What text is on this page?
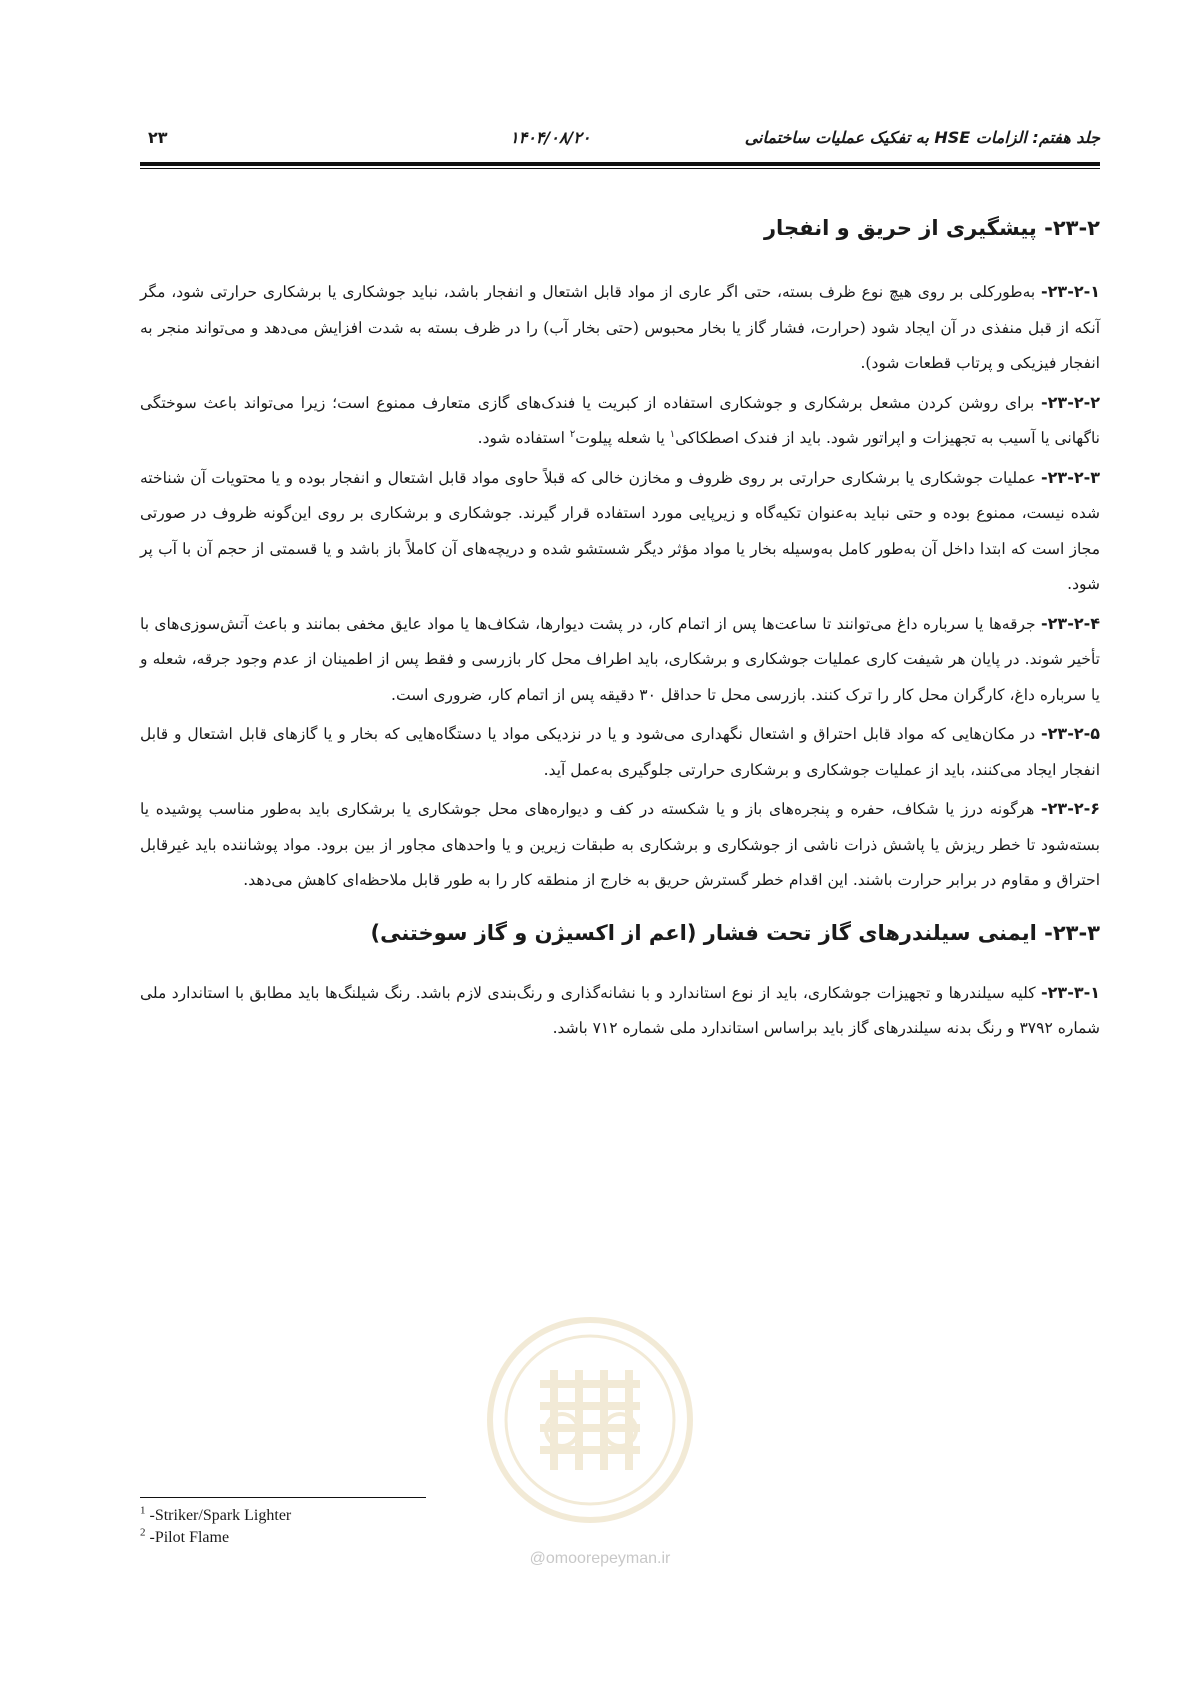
جلد هفتم: الزامات HSE به تفکیک عملیات ساختمانی
۱۴۰۴/۰۸/۲۰
۲۳
۲۳-۲- پیشگیری از حریق و انفجار

۲۳-۲-۱- به‌طورکلی بر روی هیچ نوع ظرف بسته، حتی اگر عاری از مواد قابل اشتعال و انفجار باشد، نباید جوشکاری یا برشکاری حرارتی شود، مگر آنکه از قبل منفذی در آن ایجاد شود (حرارت، فشار گاز یا بخار محبوس (حتی بخار آب) را در ظرف بسته به شدت افزایش می‌دهد و می‌تواند منجر به انفجار فیزیکی و پرتاب قطعات شود).

۲۳-۲-۲- برای روشن کردن مشعل برشکاری و جوشکاری استفاده از کبریت یا فندک‌های گازی متعارف ممنوع است؛ زیرا می‌تواند باعث سوختگی ناگهانی یا آسیب به تجهیزات و اپراتور شود. باید از فندک اصطکاکی$^۱$ یا شعله پیلوت$^۲$ استفاده شود.

۲۳-۲-۳- عملیات جوشکاری یا برشکاری حرارتی بر روی ظروف و مخازن خالی که قبلاً حاوی مواد قابل اشتعال و انفجار بوده و یا محتویات آن شناخته شده نیست، ممنوع بوده و حتی نباید به‌عنوان تکیه‌گاه و زیرپایی مورد استفاده قرار گیرند. جوشکاری و برشکاری بر روی این‌گونه ظروف در صورتی مجاز است که ابتدا داخل آن به‌طور کامل به‌وسیله بخار یا مواد مؤثر دیگر شستشو شده و دریچه‌های آن کاملاً باز باشد و یا قسمتی از حجم آن با آب پر شود.

۲۳-۲-۴- جرقه‌ها یا سرباره داغ می‌توانند تا ساعت‌ها پس از اتمام کار، در پشت دیوارها، شکاف‌ها یا مواد عایق مخفی بمانند و باعث آتش‌سوزی‌های با تأخیر شوند. در پایان هر شیفت کاری عملیات جوشکاری و برشکاری، باید اطراف محل کار بازرسی و فقط پس از اطمینان از عدم وجود جرقه، شعله و یا سرباره داغ، کارگران محل کار را ترک کنند. بازرسی محل تا حداقل ۳۰ دقیقه پس از اتمام کار، ضروری است.

۲۳-۲-۵- در مکان‌هایی که مواد قابل احتراق و اشتعال نگهداری می‌شود و یا در نزدیکی مواد یا دستگاه‌هایی که بخار و یا گازهای قابل اشتعال و قابل انفجار ایجاد می‌کنند، باید از عملیات جوشکاری و برشکاری حرارتی جلوگیری به‌عمل آید.

۲۳-۲-۶- هرگونه درز یا شکاف، حفره و پنجره‌های باز و یا شکسته در کف و دیواره‌های محل جوشکاری یا برشکاری باید به‌طور مناسب پوشیده یا بسته‌شود تا خطر ریزش یا پاشش ذرات ناشی از جوشکاری و برشکاری به طبقات زیرین و یا واحدهای مجاور از بین برود. مواد پوشاننده باید غیرقابل احتراق و مقاوم در برابر حرارت باشند. این اقدام خطر گسترش حریق به خارج از منطقه کار را به طور قابل ملاحظه‌ای کاهش می‌دهد.

۲۳-۳- ایمنی سیلندرهای گاز تحت فشار (اعم از اکسیژن و گاز سوختنی)

۲۳-۳-۱- کلیه سیلندرها و تجهیزات جوشکاری، باید از نوع استاندارد و با نشانه‌گذاری و رنگ‌بندی لازم باشد. رنگ شیلنگ‌ها باید مطابق با استاندارد ملی شماره ۳۷۹۲ و رنگ بدنه سیلندرهای گاز باید براساس استاندارد ملی شماره ۷۱۲ باشد.

@omoorepeyman.ir
$^1$ -Striker/Spark Lighter
$^2$ -Pilot Flame
